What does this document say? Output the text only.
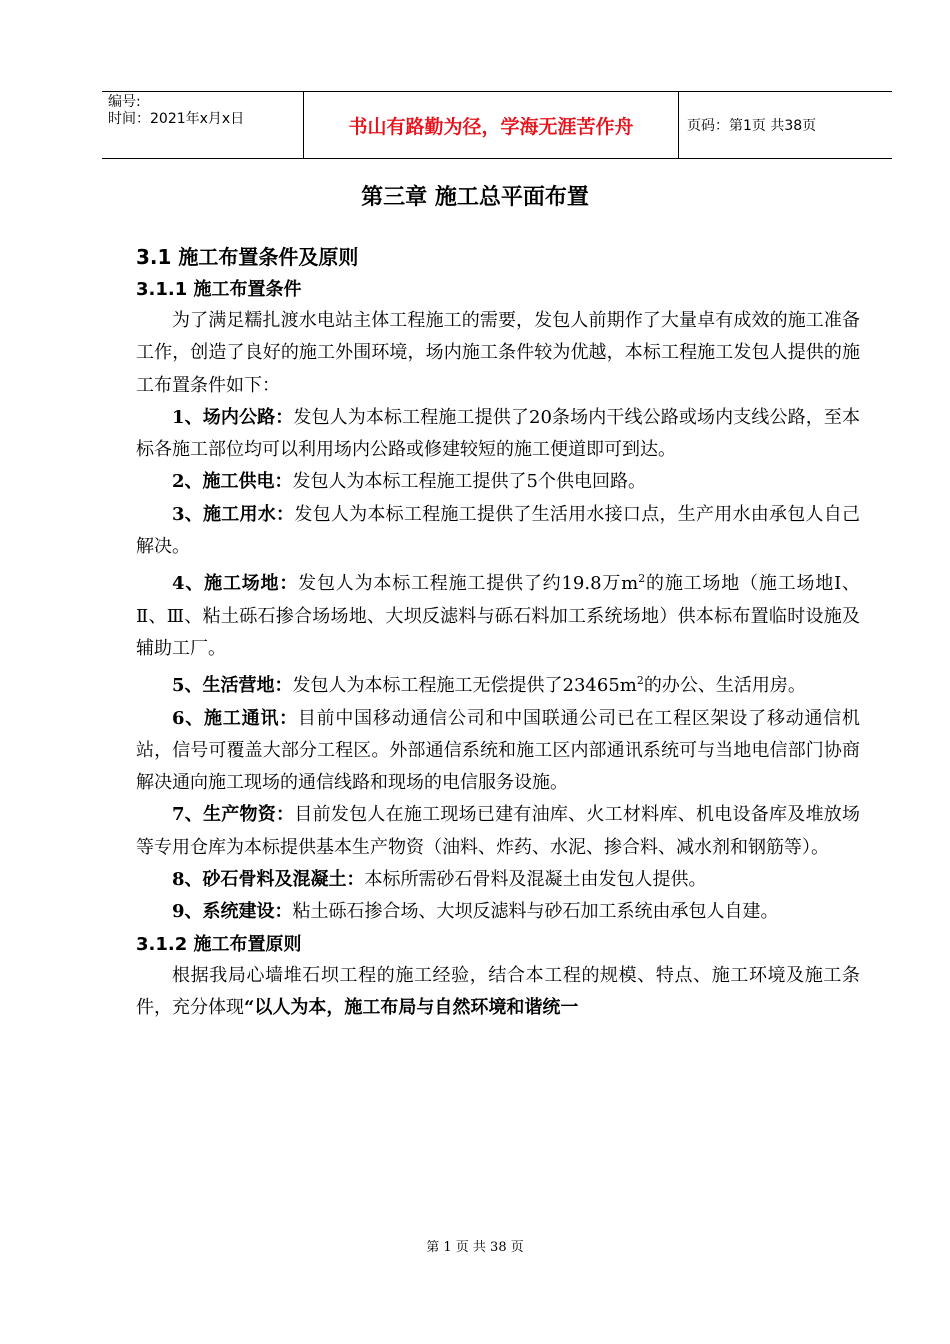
编号:
时间：2021年x月x日	书山有路勤为径，学海无涯苦作舟	页码：第1页 共38页
第三章 施工总平面布置
3.1 施工布置条件及原则
3.1.1 施工布置条件

为了满足糯扎渡水电站主体工程施工的需要，发包人前期作了大量卓有成效的施工准备工作，创造了良好的施工外围环境，场内施工条件较为优越，本标工程施工发包人提供的施工布置条件如下：

1、场内公路：发包人为本标工程施工提供了20条场内干线公路或场内支线公路，至本标各施工部位均可以利用场内公路或修建较短的施工便道即可到达。

2、施工供电：发包人为本标工程施工提供了5个供电回路。

3、施工用水：发包人为本标工程施工提供了生活用水接口点，生产用水由承包人自己解决。

4、施工场地：发包人为本标工程施工提供了约19.8万$m^2$的施工场地（施工场地Ⅰ、Ⅱ、Ⅲ、粘土砾石掺合场场地、大坝反滤料与砾石料加工系统场地）供本标布置临时设施及辅助工厂。

5、生活营地：发包人为本标工程施工无偿提供了$23465m^2$的办公、生活用房。

6、施工通讯：目前中国移动通信公司和中国联通公司已在工程区架设了移动通信机站，信号可覆盖大部分工程区。外部通信系统和施工区内部通讯系统可与当地电信部门协商解决通向施工现场的通信线路和现场的电信服务设施。

7、生产物资：目前发包人在施工现场已建有油库、火工材料库、机电设备库及堆放场等专用仓库为本标提供基本生产物资（油料、炸药、水泥、掺合料、减水剂和钢筋等）。

8、砂石骨料及混凝土：本标所需砂石骨料及混凝土由发包人提供。

9、系统建设：粘土砾石掺合场、大坝反滤料与砂石加工系统由承包人自建。

3.1.2 施工布置原则

根据我局心墙堆石坝工程的施工经验，结合本工程的规模、特点、施工环境及施工条件，充分体现“以人为本，施工布局与自然环境和谐统一

第 1 页 共 38 页
